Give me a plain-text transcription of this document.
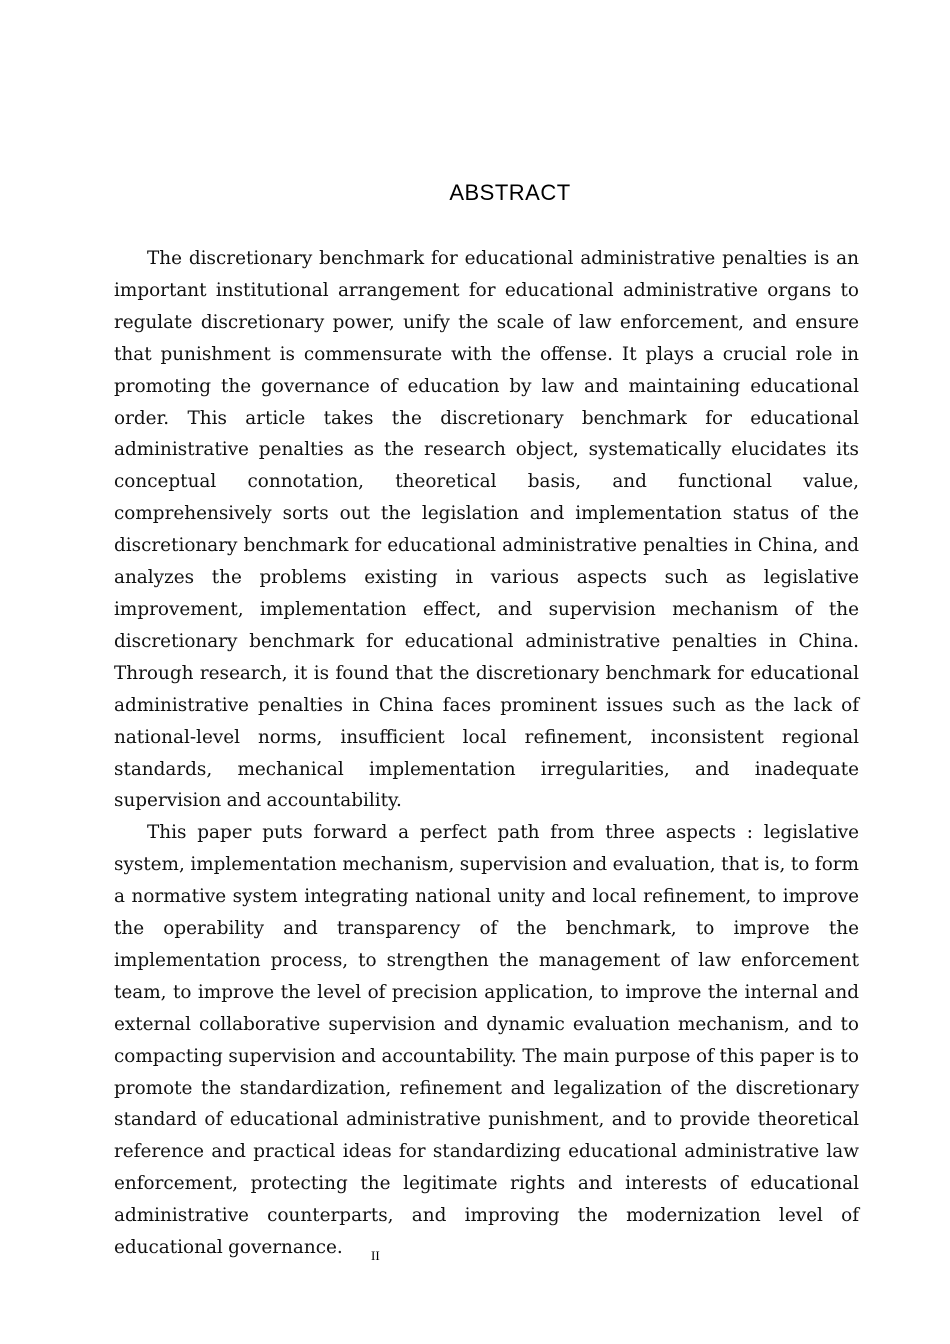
ABSTRACT

The discretionary benchmark for educational administrative penalties is an important institutional arrangement for educational administrative organs to regulate discretionary power, unify the scale of law enforcement, and ensure that punishment is commensurate with the offense. It plays a crucial role in promoting the governance of education by law and maintaining educational order. This article takes the discretionary benchmark for educational administrative penalties as the research object, systematically elucidates its conceptual connotation, theoretical basis, and functional value, comprehensively sorts out the legislation and implementation status of the discretionary benchmark for educational administrative penalties in China, and analyzes the problems existing in various aspects such as legislative improvement, implementation effect, and supervision mechanism of the discretionary benchmark for educational administrative penalties in China. Through research, it is found that the discretionary benchmark for educational administrative penalties in China faces prominent issues such as the lack of national-level norms, insufficient local refinement, inconsistent regional standards, mechanical implementation irregularities, and inadequate supervision and accountability.

This paper puts forward a perfect path from three aspects : legislative system, implementation mechanism, supervision and evaluation, that is, to form a normative system integrating national unity and local refinement, to improve the operability and transparency of the benchmark, to improve the implementation process, to strengthen the management of law enforcement team, to improve the level of precision application, to improve the internal and external collaborative supervision and dynamic evaluation mechanism, and to compacting supervision and accountability. The main purpose of this paper is to promote the standardization, refinement and legalization of the discretionary standard of educational administrative punishment, and to provide theoretical reference and practical ideas for standardizing educational administrative law enforcement, protecting the legitimate rights and interests of educational administrative counterparts, and improving the modernization level of educational governance.	II
